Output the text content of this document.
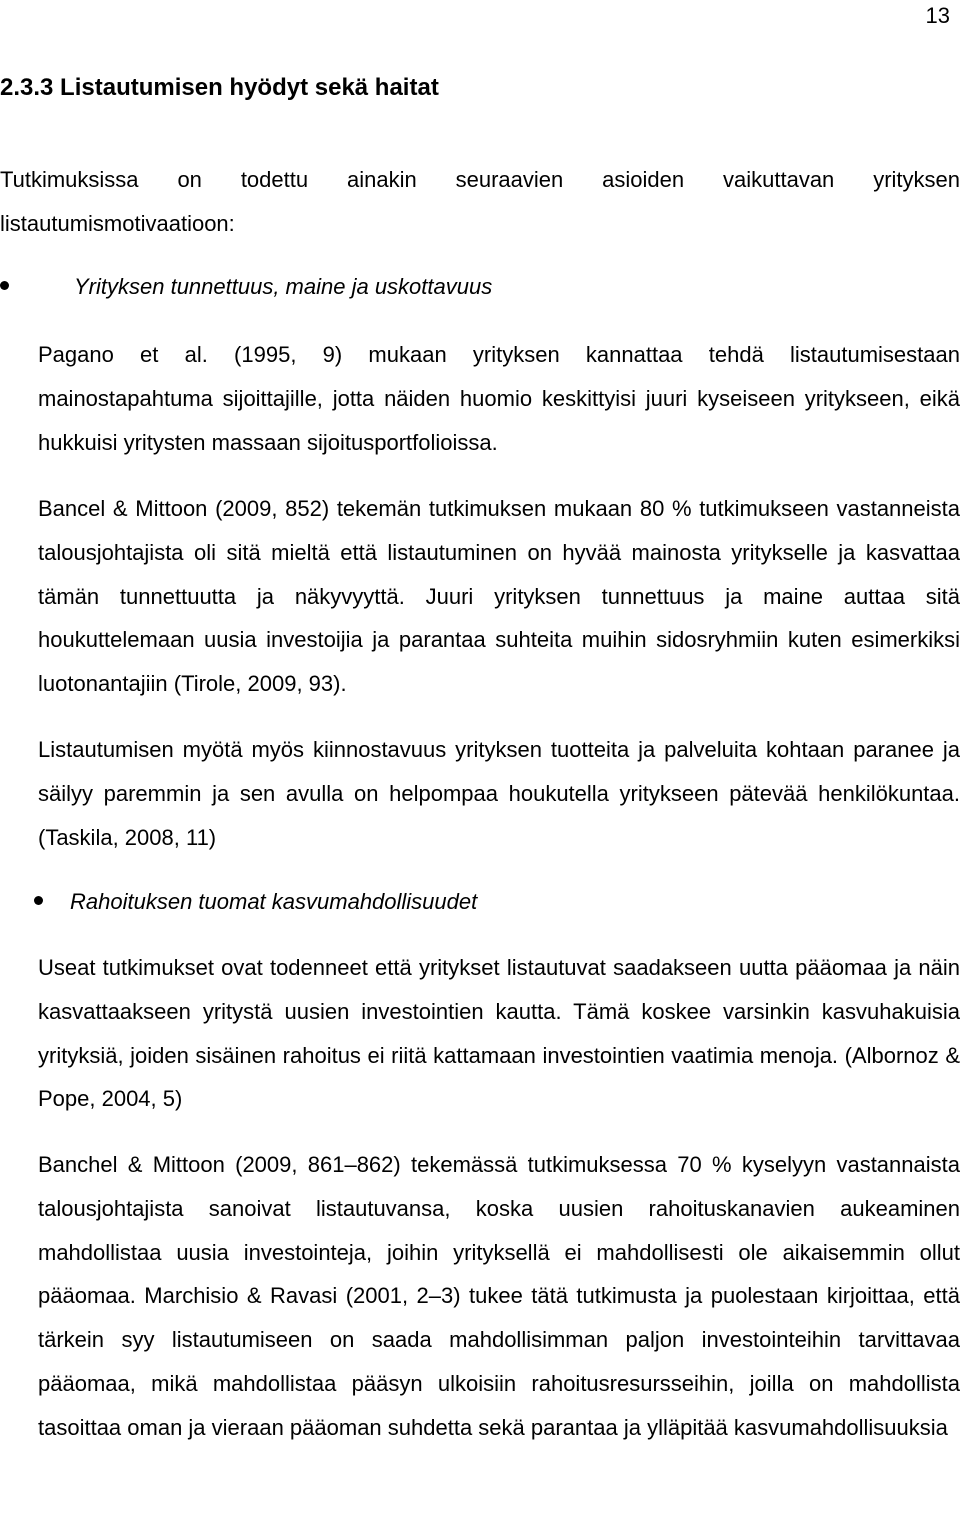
13
2.3.3 Listautumisen hyödyt sekä haitat

Tutkimuksissa on todettu ainakin seuraavien asioiden vaikuttavan yrityksen listautumismotivaatioon:

Yrityksen tunnettuus, maine ja uskottavuus

Pagano et al. (1995, 9) mukaan yrityksen kannattaa tehdä listautumisestaan mainostapahtuma sijoittajille, jotta näiden huomio keskittyisi juuri kyseiseen yritykseen, eikä hukkuisi yritysten massaan sijoitusportfolioissa.

Bancel & Mittoon (2009, 852) tekemän tutkimuksen mukaan 80 % tutkimukseen vastanneista talousjohtajista oli sitä mieltä että listautuminen on hyvää mainosta yritykselle ja kasvattaa tämän tunnettuutta ja näkyvyyttä. Juuri yrityksen tunnettuus ja maine auttaa sitä houkuttelemaan uusia investoijia ja parantaa suhteita muihin sidosryhmiin kuten esimerkiksi luotonantajiin (Tirole, 2009, 93).

Listautumisen myötä myös kiinnostavuus yrityksen tuotteita ja palveluita kohtaan paranee ja säilyy paremmin ja sen avulla on helpompaa houkutella yritykseen pätevää henkilökuntaa. (Taskila, 2008, 11)

Rahoituksen tuomat kasvumahdollisuudet

Useat tutkimukset ovat todenneet että yritykset listautuvat saadakseen uutta pääomaa ja näin kasvattaakseen yritystä uusien investointien kautta. Tämä koskee varsinkin kasvuhakuisia yrityksiä, joiden sisäinen rahoitus ei riitä kattamaan investointien vaatimia menoja. (Albornoz & Pope, 2004, 5)

Banchel & Mittoon (2009, 861–862) tekemässä tutkimuksessa 70 % kyselyyn vastannaista talousjohtajista sanoivat listautuvansa, koska uusien rahoituskanavien aukeaminen mahdollistaa uusia investointeja, joihin yrityksellä ei mahdollisesti ole aikaisemmin ollut pääomaa. Marchisio & Ravasi (2001, 2–3) tukee tätä tutkimusta ja puolestaan kirjoittaa, että tärkein syy listautumiseen on saada mahdollisimman paljon investointeihin tarvittavaa pääomaa, mikä mahdollistaa pääsyn ulkoisiin rahoitusresursseihin, joilla on mahdollista tasoittaa oman ja vieraan pääoman suhdetta sekä parantaa ja ylläpitää kasvumahdollisuuksia
